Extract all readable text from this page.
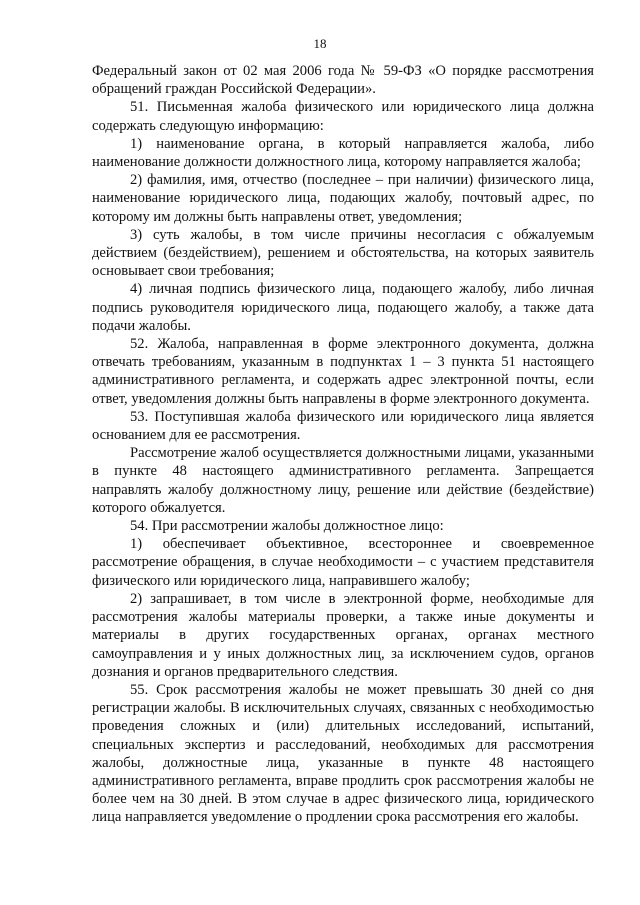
18

Федеральный закон от 02 мая 2006 года № 59-ФЗ «О порядке рассмотрения обращений граждан Российской Федерации».

51. Письменная жалоба физического или юридического лица должна содержать следующую информацию:

1) наименование органа, в который направляется жалоба, либо наименование должности должностного лица, которому направляется жалоба;

2) фамилия, имя, отчество (последнее – при наличии) физического лица, наименование юридического лица, подающих жалобу, почтовый адрес, по которому им должны быть направлены ответ, уведомления;

3) суть жалобы, в том числе причины несогласия с обжалуемым действием (бездействием), решением и обстоятельства, на которых заявитель основывает свои требования;

4) личная подпись физического лица, подающего жалобу, либо личная подпись руководителя юридического лица, подающего жалобу, а также дата подачи жалобы.

52. Жалоба, направленная в форме электронного документа, должна отвечать требованиям, указанным в подпунктах 1 – 3 пункта 51 настоящего административного регламента, и содержать адрес электронной почты, если ответ, уведомления должны быть направлены в форме электронного документа.

53. Поступившая жалоба физического или юридического лица является основанием для ее рассмотрения.

Рассмотрение жалоб осуществляется должностными лицами, указанными в пункте 48 настоящего административного регламента. Запрещается направлять жалобу должностному лицу, решение или действие (бездействие) которого обжалуется.

54. При рассмотрении жалобы должностное лицо:

1) обеспечивает объективное, всестороннее и своевременное рассмотрение обращения, в случае необходимости – с участием представителя физического или юридического лица, направившего жалобу;

2) запрашивает, в том числе в электронной форме, необходимые для рассмотрения жалобы материалы проверки, а также иные документы и материалы в других государственных органах, органах местного самоуправления и у иных должностных лиц, за исключением судов, органов дознания и органов предварительного следствия.

55. Срок рассмотрения жалобы не может превышать 30 дней со дня регистрации жалобы. В исключительных случаях, связанных с необходимостью проведения сложных и (или) длительных исследований, испытаний, специальных экспертиз и расследований, необходимых для рассмотрения жалобы, должностные лица, указанные в пункте 48 настоящего административного регламента, вправе продлить срок рассмотрения жалобы не более чем на 30 дней. В этом случае в адрес физического лица, юридического лица направляется уведомление о продлении срока рассмотрения его жалобы.
